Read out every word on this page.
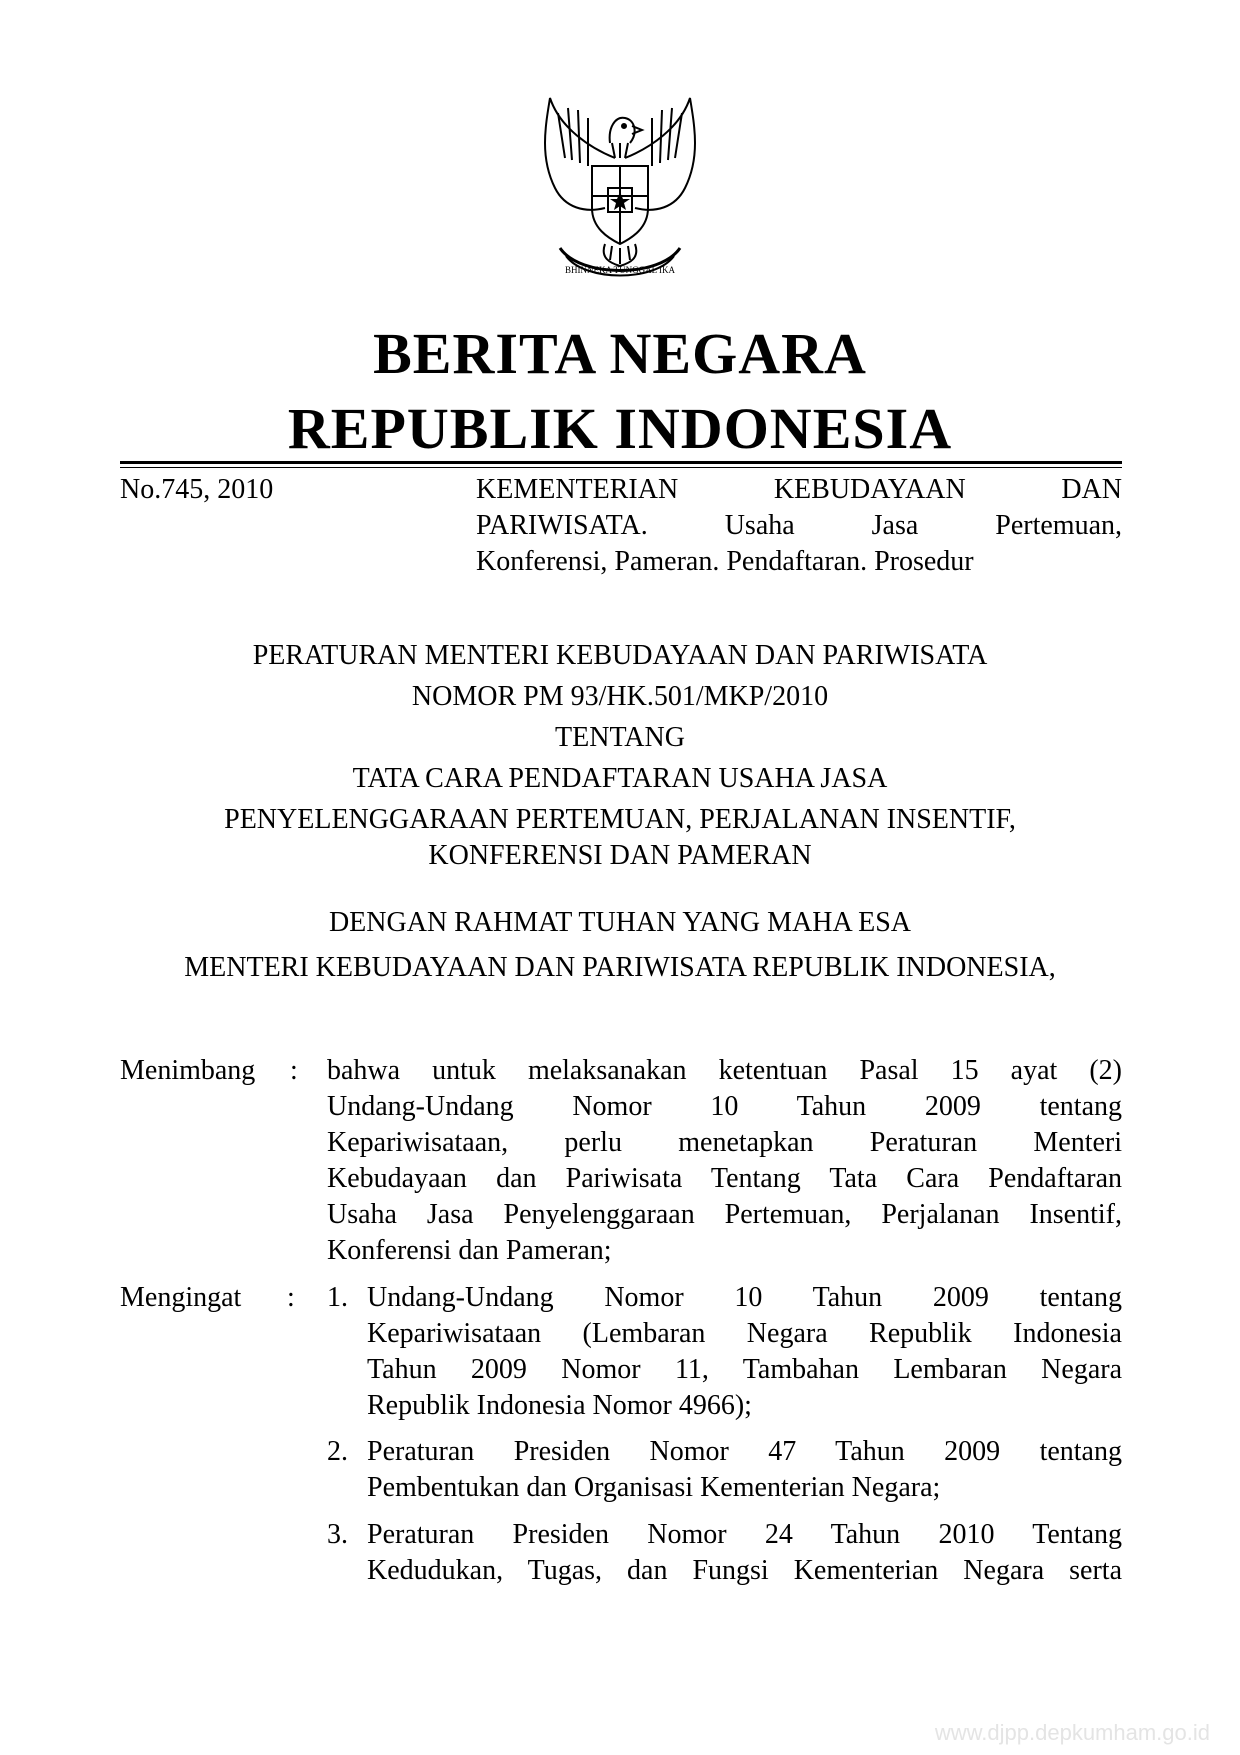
BHINNEKA TUNGGAL IKA
BERITA NEGARA
REPUBLIK INDONESIA
No.745, 2010	KEMENTERIAN KEBUDAYAAN DAN
PARIWISATA. Usaha Jasa Pertemuan,
Konferensi, Pameran. Pendaftaran. Prosedur
PERATURAN MENTERI KEBUDAYAAN DAN PARIWISATA
NOMOR PM 93/HK.501/MKP/2010
TENTANG
TATA CARA PENDAFTARAN USAHA JASA
PENYELENGGARAAN PERTEMUAN, PERJALANAN INSENTIF,
KONFERENSI DAN PAMERAN
DENGAN RAHMAT TUHAN YANG MAHA ESA
MENTERI KEBUDAYAAN DAN PARIWISATA REPUBLIK INDONESIA,
Menimbang : bahwa untuk melaksanakan ketentuan Pasal 15 ayat (2)
Undang-Undang Nomor 10 Tahun 2009 tentang
Kepariwisataan, perlu menetapkan Peraturan Menteri
Kebudayaan dan Pariwisata Tentang Tata Cara Pendaftaran
Usaha Jasa Penyelenggaraan Pertemuan, Perjalanan Insentif,
Konferensi dan Pameran;
Mengingat : 1. Undang-Undang Nomor 10 Tahun 2009 tentang
Kepariwisataan (Lembaran Negara Republik Indonesia
Tahun 2009 Nomor 11, Tambahan Lembaran Negara
Republik Indonesia Nomor 4966);
2. Peraturan Presiden Nomor 47 Tahun 2009 tentang
Pembentukan dan Organisasi Kementerian Negara;
3. Peraturan Presiden Nomor 24 Tahun 2010 Tentang
Kedudukan, Tugas, dan Fungsi Kementerian Negara serta
www.djpp.depkumham.go.id
